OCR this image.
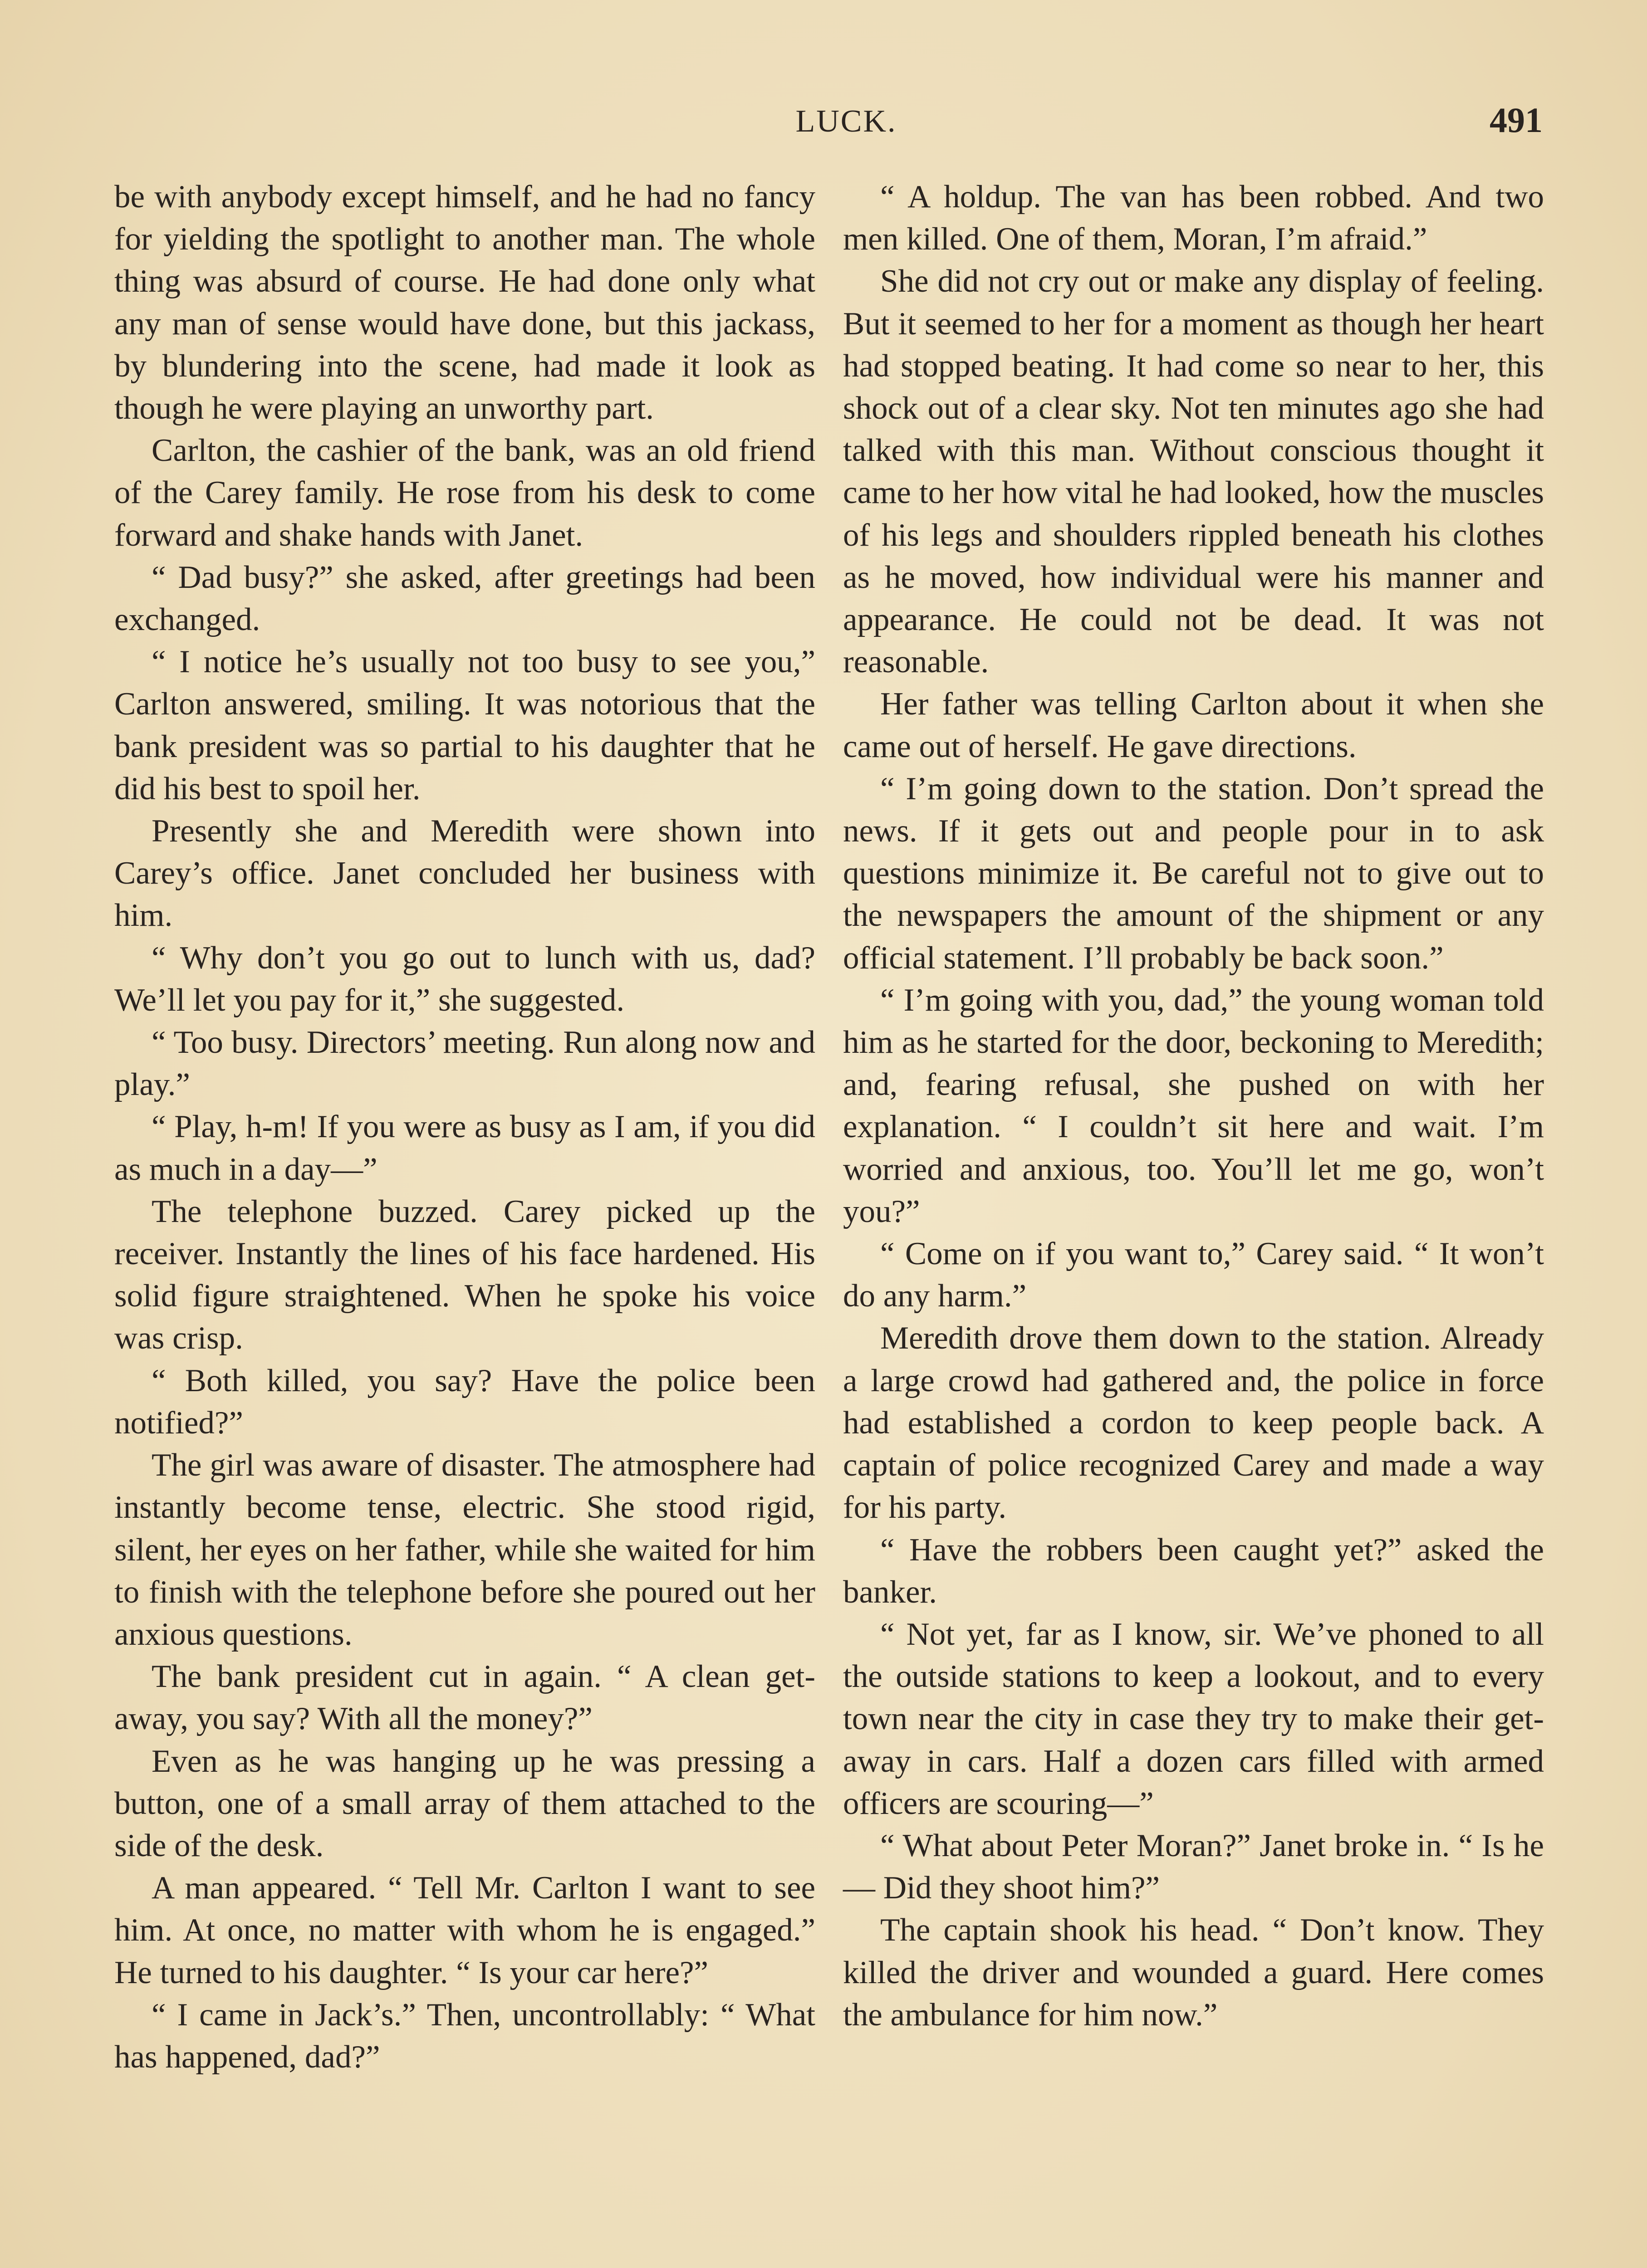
LUCK.	491

be with anybody except himself, and he had no fancy for yielding the spotlight to another man. The whole thing was absurd of course. He had done only what any man of sense would have done, but this jackass, by blundering into the scene, had made it look as though he were playing an unworthy part.

Carlton, the cashier of the bank, was an old friend of the Carey family. He rose from his desk to come forward and shake hands with Janet.

“ Dad busy?” she asked, after greetings had been exchanged.

“ I notice he’s usually not too busy to see you,” Carlton answered, smiling. It was notorious that the bank president was so partial to his daughter that he did his best to spoil her.

Presently she and Meredith were shown into Carey’s office. Janet concluded her business with him.

“ Why don’t you go out to lunch with us, dad? We’ll let you pay for it,” she suggested.

“ Too busy. Directors’ meeting. Run along now and play.”

“ Play, h-m! If you were as busy as I am, if you did as much in a day—”

The telephone buzzed. Carey picked up the receiver. Instantly the lines of his face hardened. His solid figure straightened. When he spoke his voice was crisp.

“ Both killed, you say? Have the police been notified?”

The girl was aware of disaster. The atmosphere had instantly become tense, electric. She stood rigid, silent, her eyes on her father, while she waited for him to finish with the telephone before she poured out her anxious questions.

The bank president cut in again. “ A clean get-away, you say? With all the money?”

Even as he was hanging up he was pressing a button, one of a small array of them attached to the side of the desk.

A man appeared. “ Tell Mr. Carlton I want to see him. At once, no matter with whom he is engaged.” He turned to his daughter. “ Is your car here?”

“ I came in Jack’s.” Then, uncontrollably: “ What has happened, dad?”

“ A holdup. The van has been robbed. And two men killed. One of them, Moran, I’m afraid.”

She did not cry out or make any display of feeling. But it seemed to her for a moment as though her heart had stopped beating. It had come so near to her, this shock out of a clear sky. Not ten minutes ago she had talked with this man. Without conscious thought it came to her how vital he had looked, how the muscles of his legs and shoulders rippled beneath his clothes as he moved, how individual were his manner and appearance. He could not be dead. It was not reasonable.

Her father was telling Carlton about it when she came out of herself. He gave directions.

“ I’m going down to the station. Don’t spread the news. If it gets out and people pour in to ask questions minimize it. Be careful not to give out to the newspapers the amount of the shipment or any official statement. I’ll probably be back soon.”

“ I’m going with you, dad,” the young woman told him as he started for the door, beckoning to Meredith; and, fearing refusal, she pushed on with her explanation. “ I couldn’t sit here and wait. I’m worried and anxious, too. You’ll let me go, won’t you?”

“ Come on if you want to,” Carey said. “ It won’t do any harm.”

Meredith drove them down to the station. Already a large crowd had gathered and, the police in force had established a cordon to keep people back. A captain of police recognized Carey and made a way for his party.

“ Have the robbers been caught yet?” asked the banker.

“ Not yet, far as I know, sir. We’ve phoned to all the outside stations to keep a lookout, and to every town near the city in case they try to make their get-away in cars. Half a dozen cars filled with armed officers are scouring—”

“ What about Peter Moran?” Janet broke in. “ Is he— Did they shoot him?”

The captain shook his head. “ Don’t know. They killed the driver and wounded a guard. Here comes the ambulance for him now.”
